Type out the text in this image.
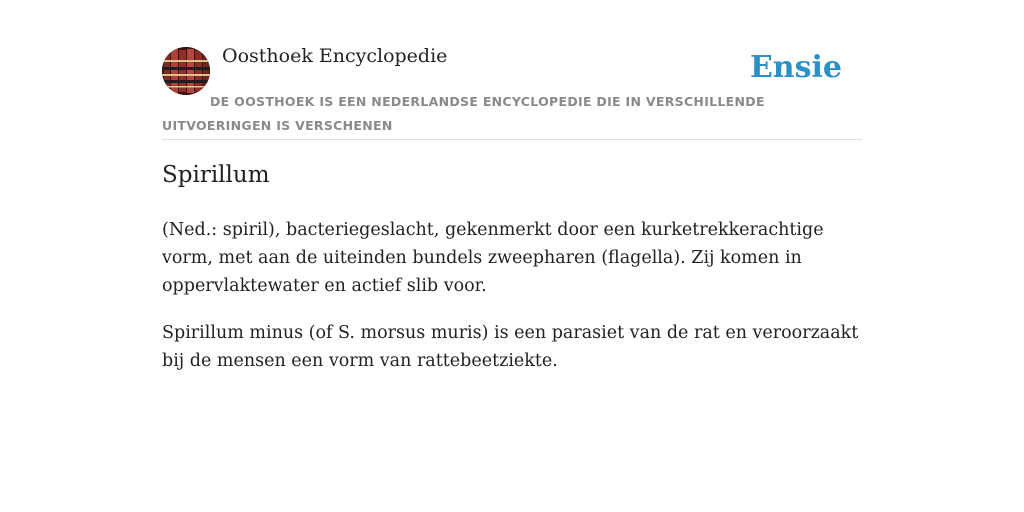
Oosthoek Encyclopedie	Ensie
DE OOSTHOEK IS EEN NEDERLANDSE ENCYCLOPEDIE DIE IN VERSCHILLENDE UITVOERINGEN IS VERSCHENEN
Spirillum

(Ned.: spiril), bacteriegeslacht, gekenmerkt door een kurketrekkerachtige vorm, met aan de uiteinden bundels zweepharen (flagella). Zij komen in oppervlaktewater en actief slib voor.

Spirillum minus (of S. morsus muris) is een parasiet van de rat en veroorzaakt bij de mensen een vorm van rattebeetziekte.
